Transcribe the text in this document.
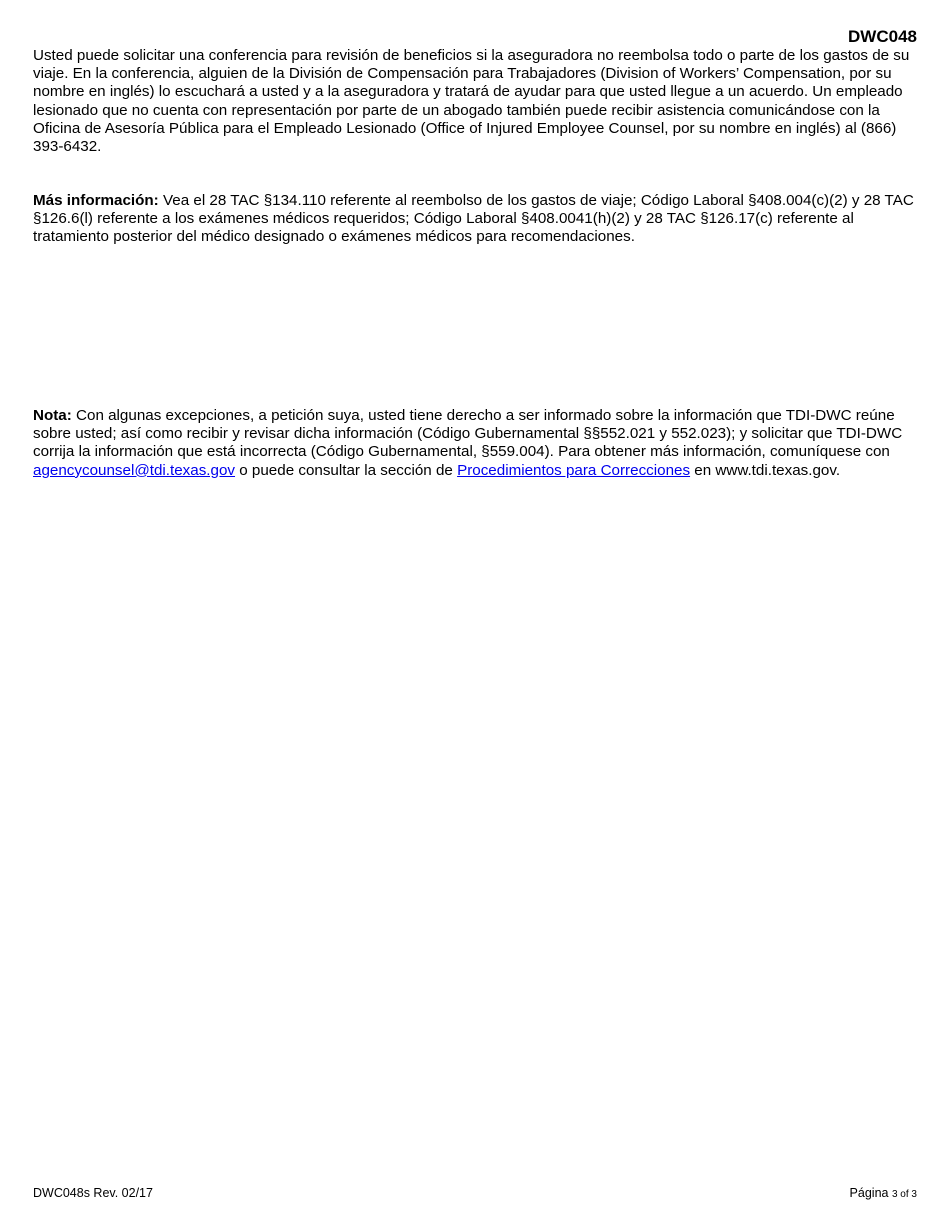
DWC048

Usted puede solicitar una conferencia para revisión de beneficios si la aseguradora no reembolsa todo o parte de los gastos de su viaje. En la conferencia, alguien de la División de Compensación para Trabajadores (Division of Workers’ Compensation, por su nombre en inglés) lo escuchará a usted y a la aseguradora y tratará de ayudar para que usted llegue a un acuerdo. Un empleado lesionado que no cuenta con representación por parte de un abogado también puede recibir asistencia comunicándose con la Oficina de Asesoría Pública para el Empleado Lesionado (Office of Injured Employee Counsel, por su nombre en inglés) al (866) 393-6432.

Más información: Vea el 28 TAC §134.110 referente al reembolso de los gastos de viaje; Código Laboral §408.004(c)(2) y 28 TAC §126.6(l) referente a los exámenes médicos requeridos; Código Laboral §408.0041(h)(2) y 28 TAC §126.17(c) referente al tratamiento posterior del médico designado o exámenes médicos para recomendaciones.

Nota: Con algunas excepciones, a petición suya, usted tiene derecho a ser informado sobre la información que TDI-DWC reúne sobre usted; así como recibir y revisar dicha información (Código Gubernamental §§552.021 y 552.023); y solicitar que TDI-DWC corrija la información que está incorrecta (Código Gubernamental, §559.004). Para obtener más información, comuníquese con agencycounsel@tdi.texas.gov o puede consultar la sección de Procedimientos para Correcciones en www.tdi.texas.gov.

DWC048s Rev. 02/17	Página 3 of 3
